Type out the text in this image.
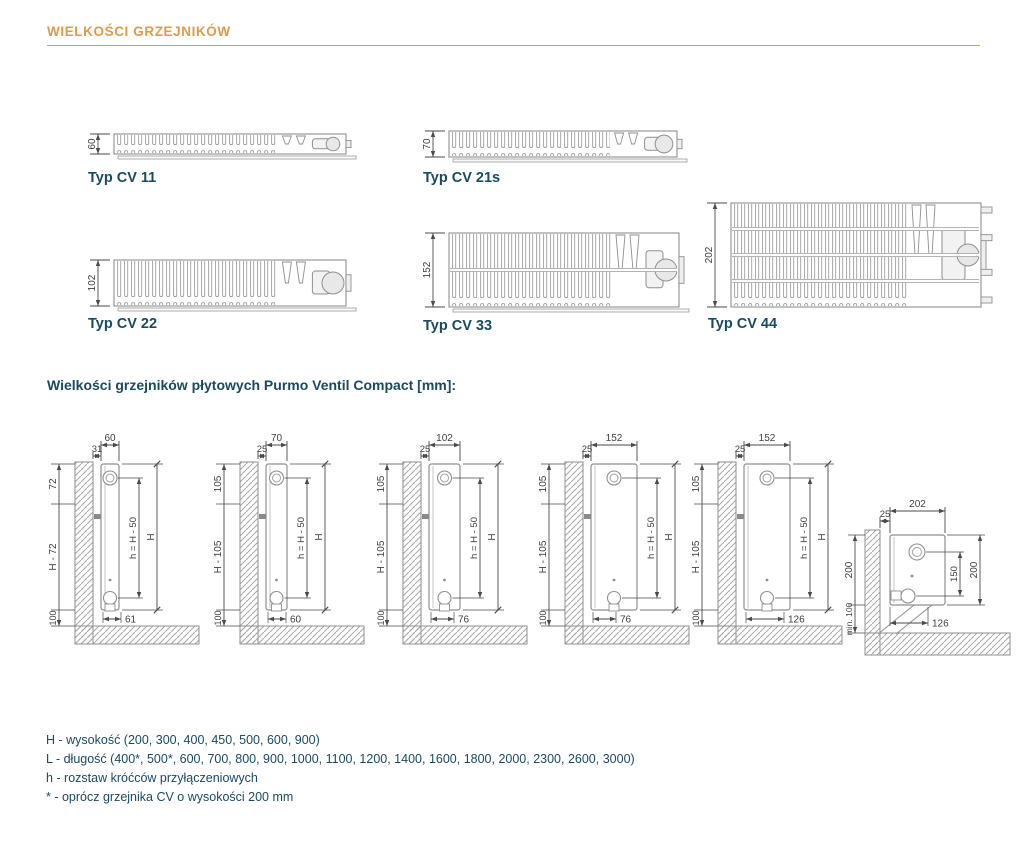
WIELKOŚCI GRZEJNIKÓW
60	70
102
152
202
Typ CV 11	Typ CV 21s
Typ CV 22	Typ CV 33	Typ CV 44
Wielkości grzejników płytowych Purmo Ventil Compact [mm]:
60
31
72
H - 72
100
h = H - 50 H
61
70
25
105
H - 105
100
h = H - 50 H
60
102
25
105
H - 105
100
h = H - 50 H
76
152
25
105
H - 105
100
h = H - 50 H
76
152
25
105
H - 105
100
h = H - 50 H
126
202
25
150 200
200
min. 100	126
H - wysokość (200, 300, 400, 450, 500, 600, 900)
L - długość (400*, 500*, 600, 700, 800, 900, 1000, 1100, 1200, 1400, 1600, 1800, 2000, 2300, 2600, 3000)
h - rozstaw króćców przyłączeniowych
* - oprócz grzejnika CV o wysokości 200 mm
